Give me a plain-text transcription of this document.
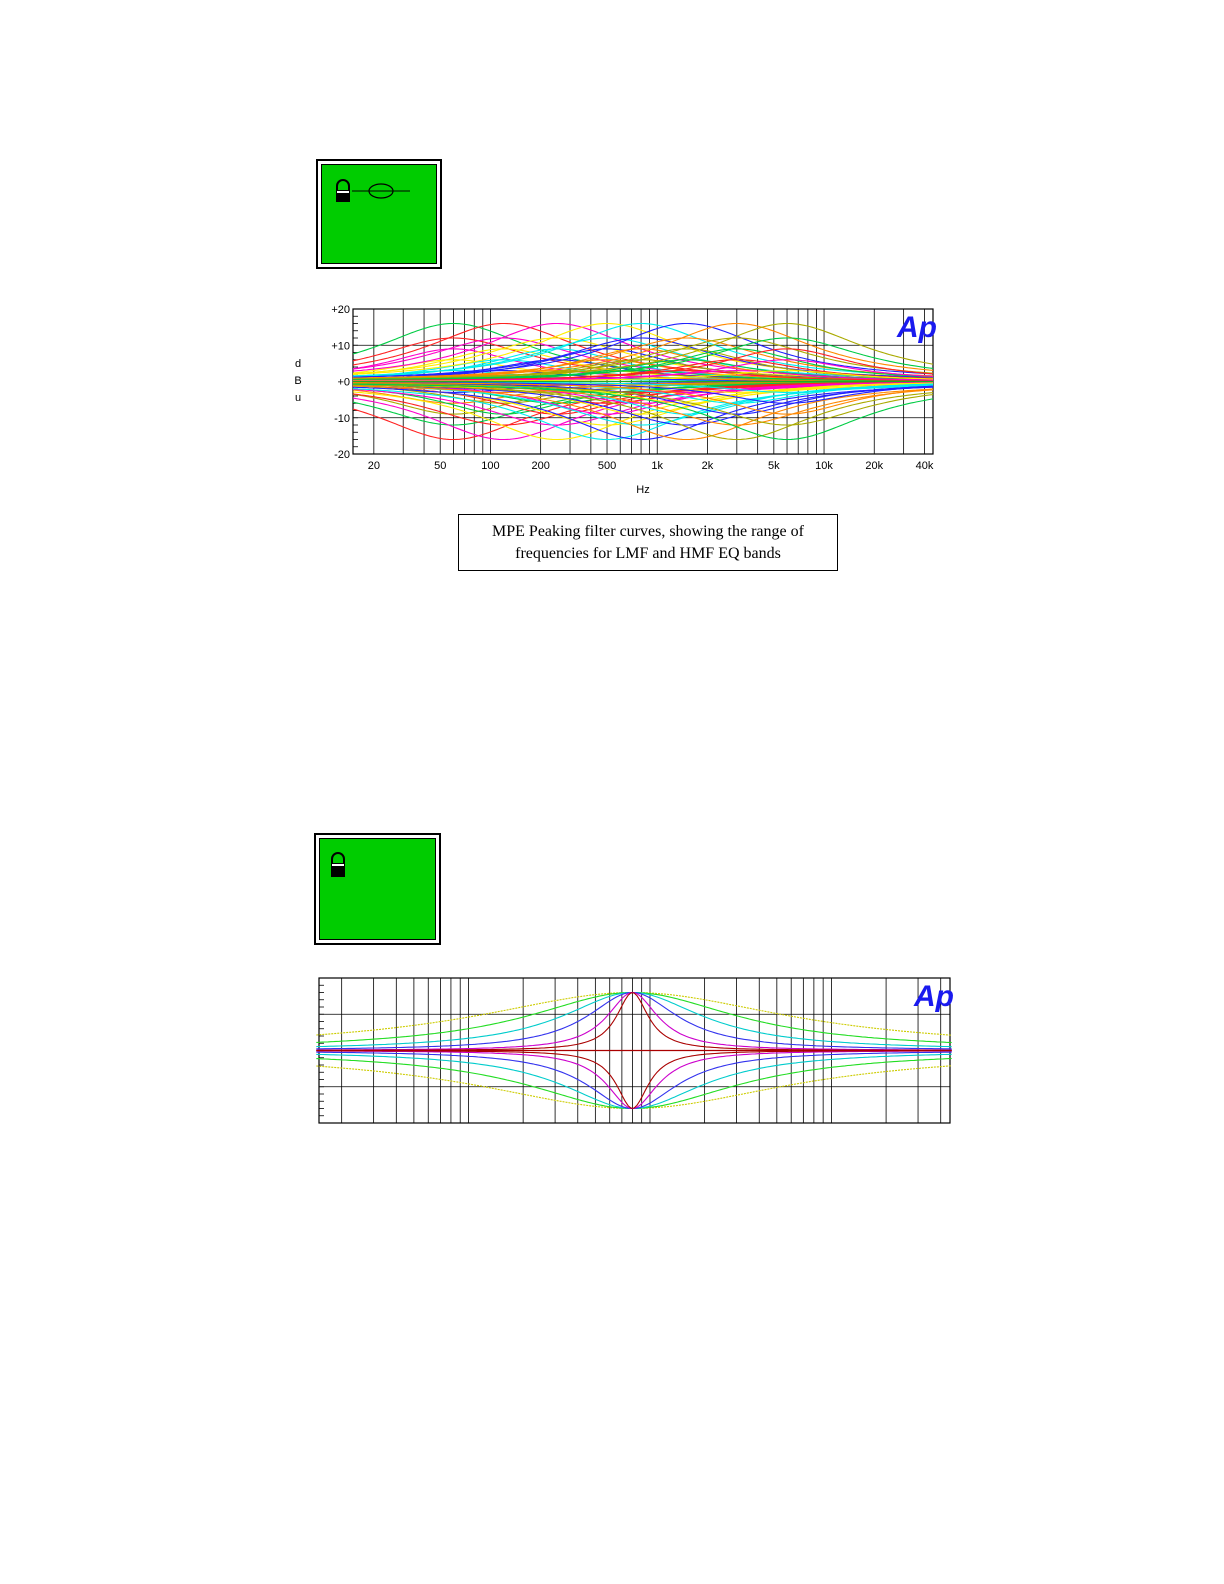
20	50	100	200	500	1k	2k	5k	10k	20k	40k
+20
+10
+0
-10
-20
Ap
Hz
d
B
u
MPE Peaking filter curves, showing the range of frequencies for LMF and HMF EQ bands
Ap
